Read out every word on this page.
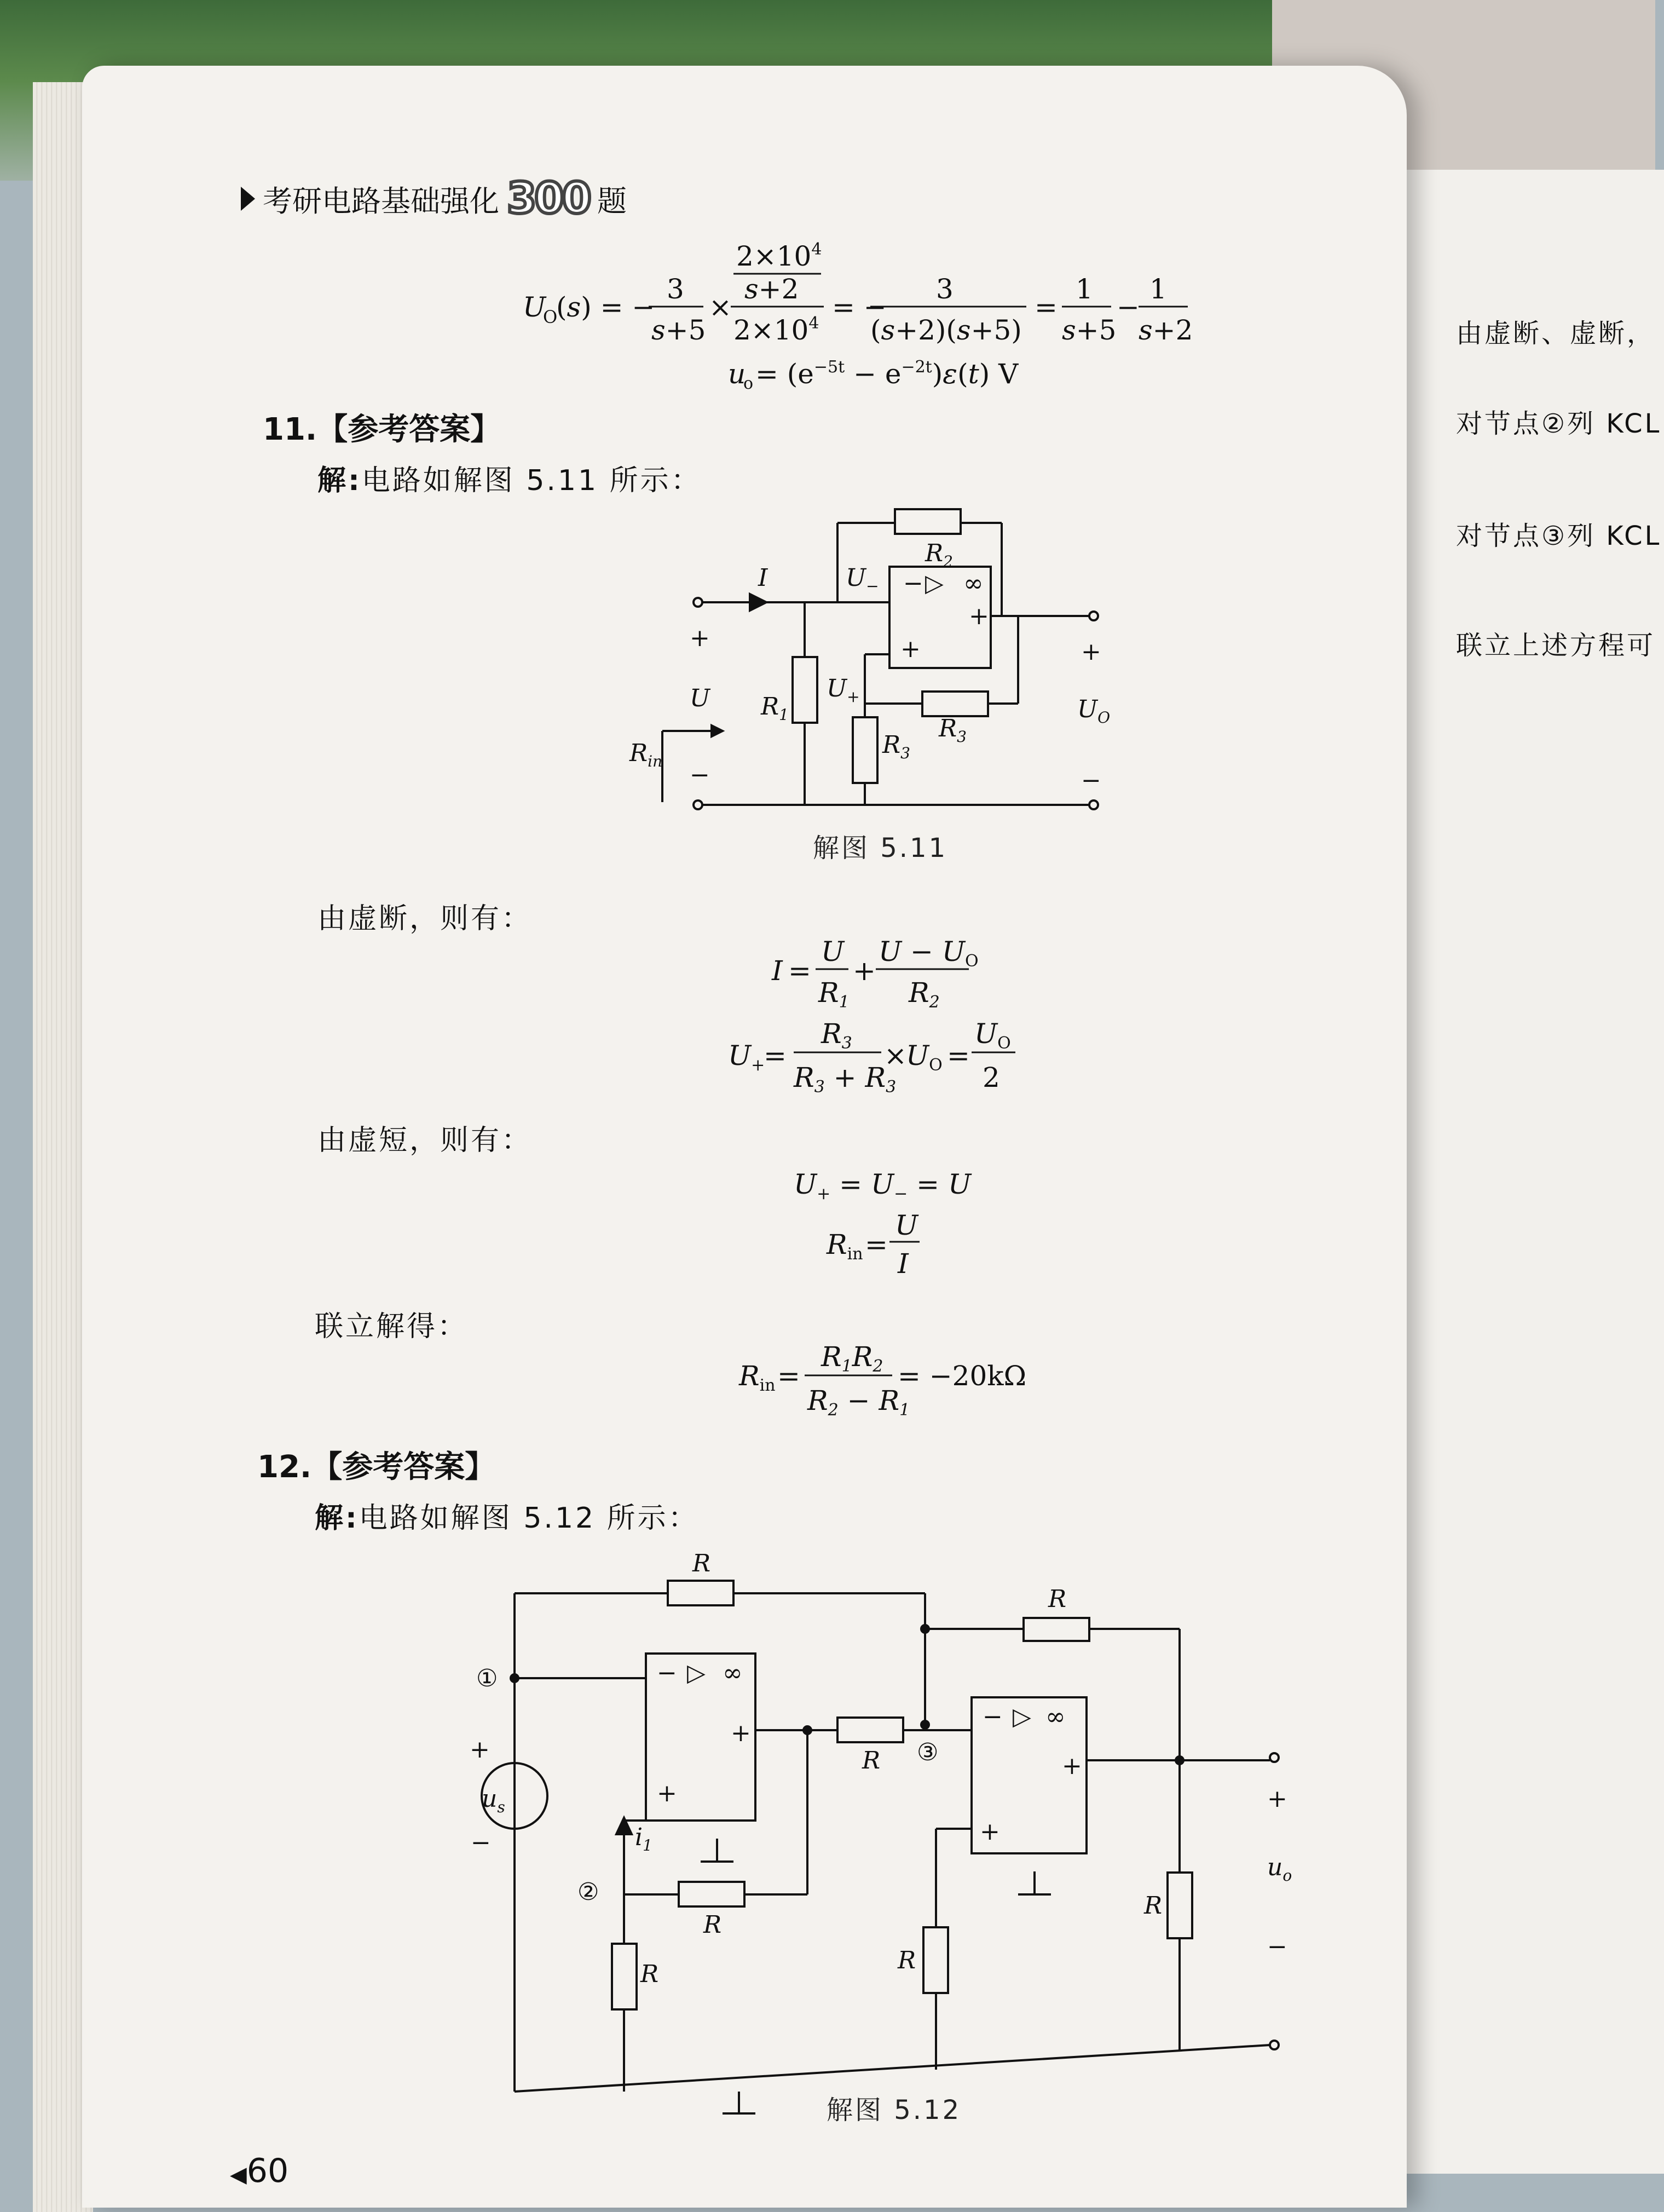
考研电路基础强化 300 题
U
O
(s) = −
3
s+5
×
$2\times 10^4$
s+2
$2\times 10^4$
= −
3
(s+2)(s+5)
=
1
s+5
−
1
s+2
u
$o = (e^{-5t} - e^{-2t})\varepsilon(t)$ V
11.【参考答案】
解:电路如解图 5.11 所示：
I	$U_-$
$R_2$
− ▷ ∞
+
+
+
U
−
$R_{in}$
$R_1$
$U_+$
$R_3$
$R_3$
+
$U_O$
−
解图 5.11
由虚断，则有：
I =
U
$R_1$
+
$U - U_O$
$R_2$
$U_+$
=
$R_3$
$R_3 + R_3$
×
$U_O$ =
$U_O$
2
由虚短，则有：
$U_+ = U_- = U$
$R_{in}$ =
U
I
联立解得：
$R_{in}$ =
$R_1R_2$
$R_2 - R_1$
= −20kΩ
12.【参考答案】
解:电路如解图 5.12 所示：
R
R
①	− ▷ ∞
+
+
$i_1$
$u_s$
+
−
②
R
R
R ③
− ▷ ∞
+
+
R
R
+
$u_o$
−
解图 5.12
◀60
由虚断、虚断，
对节点②列 KCL
对节点③列 KCL
联立上述方程可
